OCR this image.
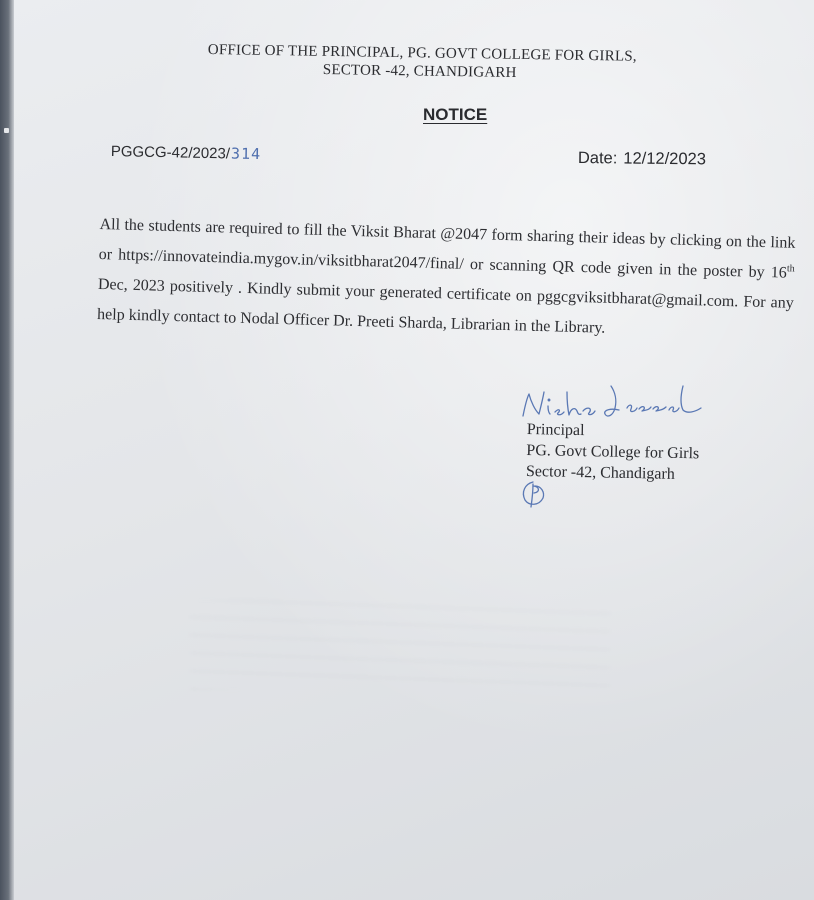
OFFICE OF THE PRINCIPAL, PG. GOVT COLLEGE FOR GIRLS,
SECTOR -42, CHANDIGARH
NOTICE
PGGCG-42/2023/314	Date: 12/12/2023
All the students are required to fill the Viksit Bharat @2047 form sharing their ideas by clicking on the link or https://innovateindia.mygov.in/viksitbharat2047/final/ or scanning QR code given in the poster by 16th Dec, 2023 positively . Kindly submit your generated certificate on pggcgviksitbharat@gmail.com. For any help kindly contact to Nodal Officer Dr. Preeti Sharda, Librarian in the Library.
Principal
PG. Govt College for Girls
Sector -42, Chandigarh
